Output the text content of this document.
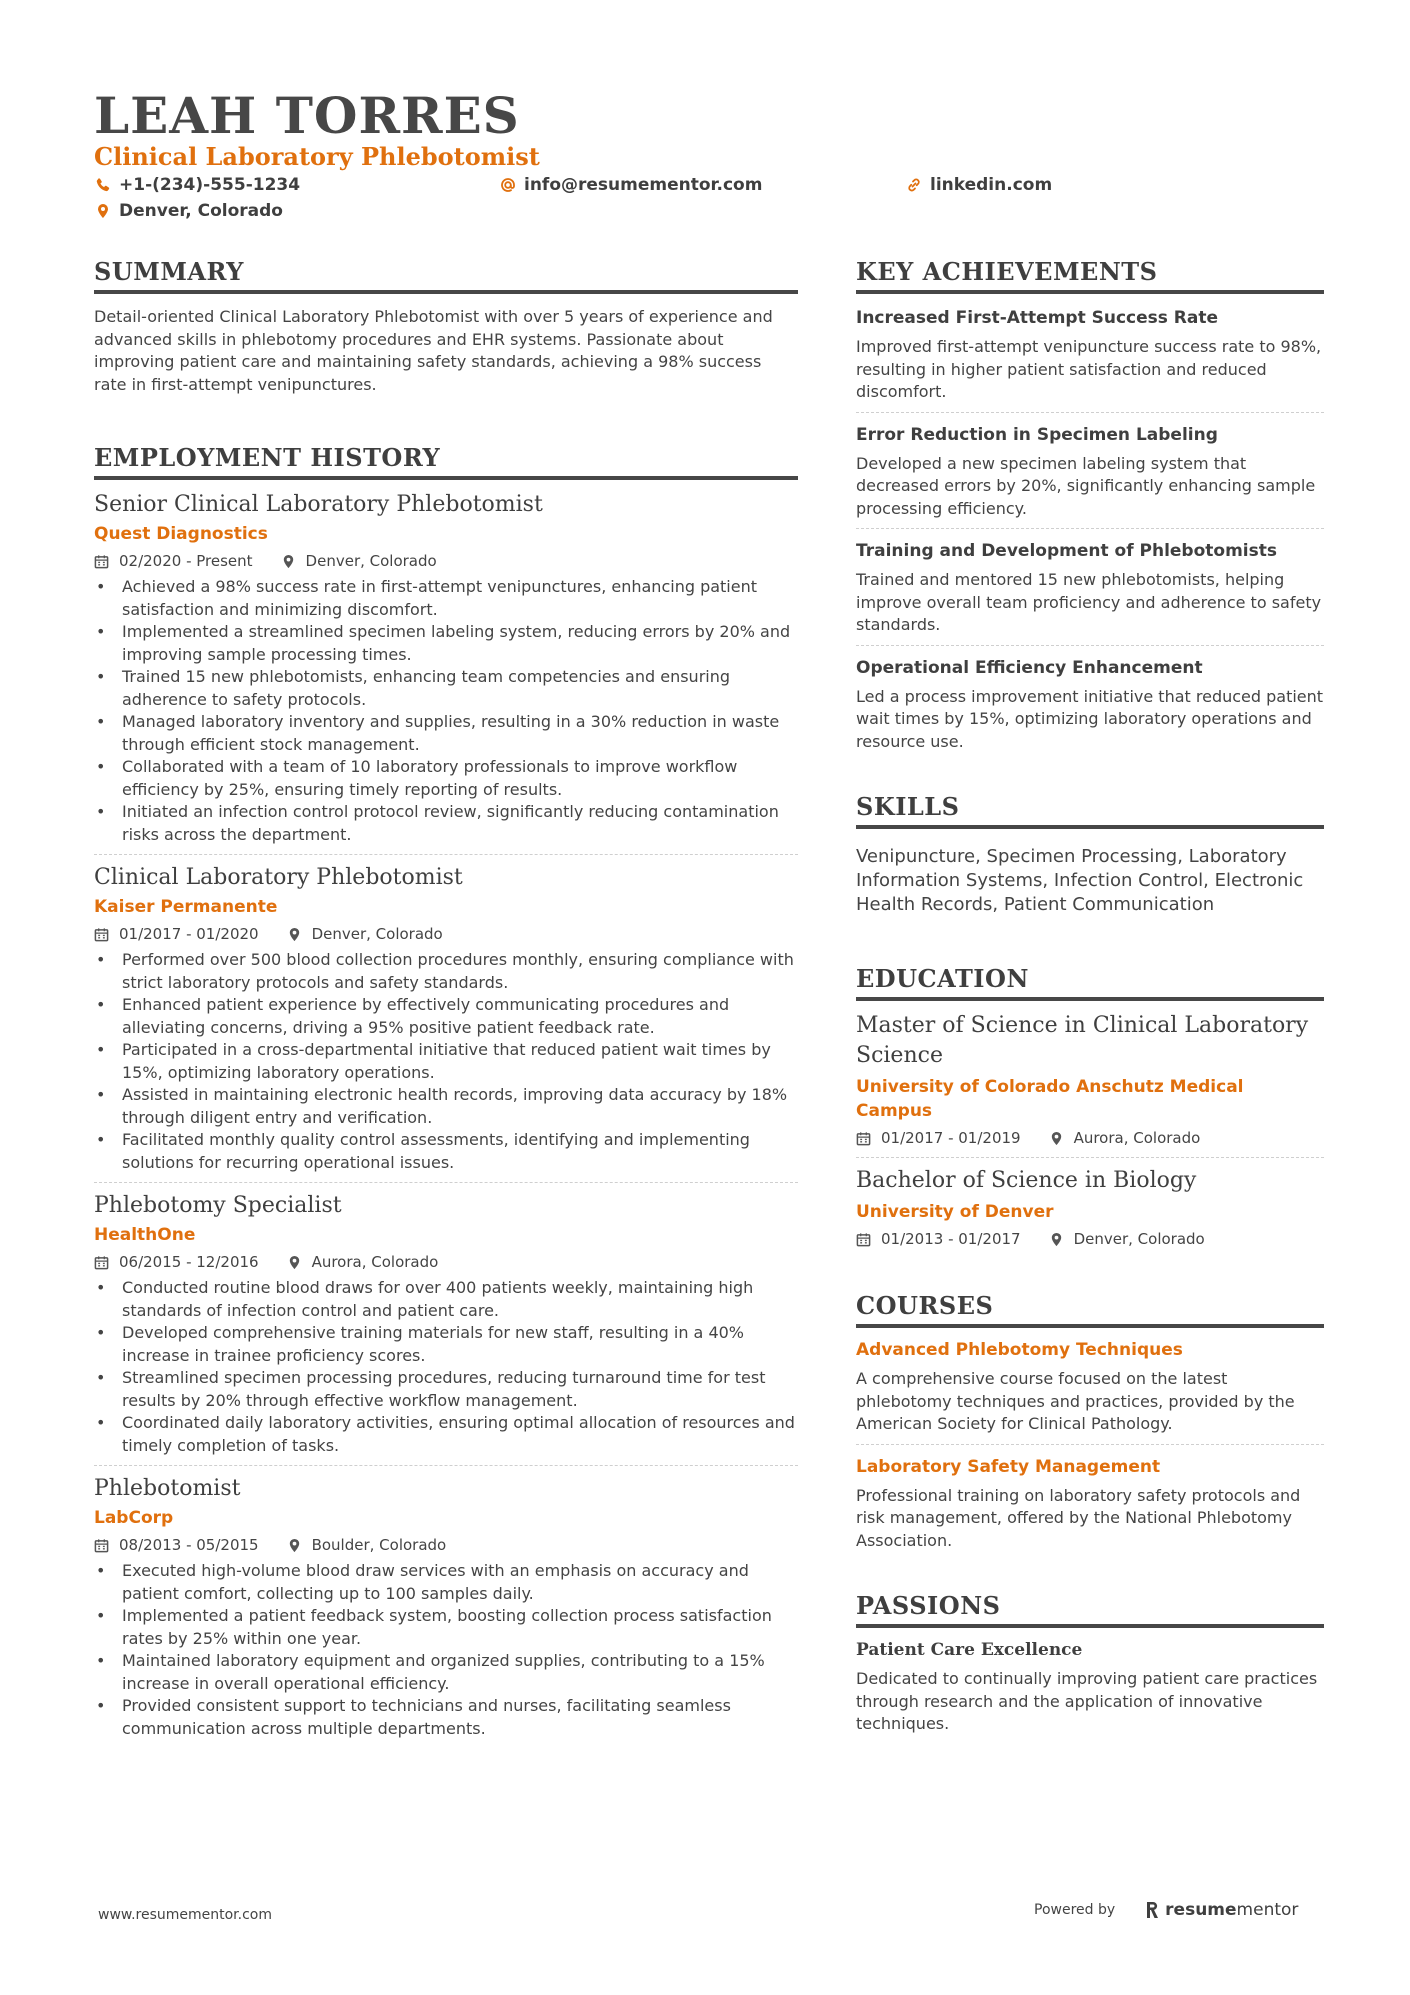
LEAH TORRES
Clinical Laboratory Phlebotomist
+1-(234)-555-1234	info@resumementor.com	linkedin.com
Denver, Colorado
SUMMARY
Detail-oriented Clinical Laboratory Phlebotomist with over 5 years of experience and advanced skills in phlebotomy procedures and EHR systems. Passionate about improving patient care and maintaining safety standards, achieving a 98% success rate in first-attempt venipunctures.
EMPLOYMENT HISTORY
Senior Clinical Laboratory Phlebotomist
Quest Diagnostics
02/2020 - Present	Denver, Colorado
• Achieved a 98% success rate in first-attempt venipunctures, enhancing patient satisfaction and minimizing discomfort.
• Implemented a streamlined specimen labeling system, reducing errors by 20% and improving sample processing times.
• Trained 15 new phlebotomists, enhancing team competencies and ensuring adherence to safety protocols.
• Managed laboratory inventory and supplies, resulting in a 30% reduction in waste through efficient stock management.
• Collaborated with a team of 10 laboratory professionals to improve workflow efficiency by 25%, ensuring timely reporting of results.
• Initiated an infection control protocol review, significantly reducing contamination risks across the department.
Clinical Laboratory Phlebotomist
Kaiser Permanente
01/2017 - 01/2020	Denver, Colorado
• Performed over 500 blood collection procedures monthly, ensuring compliance with strict laboratory protocols and safety standards.
• Enhanced patient experience by effectively communicating procedures and alleviating concerns, driving a 95% positive patient feedback rate.
• Participated in a cross-departmental initiative that reduced patient wait times by 15%, optimizing laboratory operations.
• Assisted in maintaining electronic health records, improving data accuracy by 18% through diligent entry and verification.
• Facilitated monthly quality control assessments, identifying and implementing solutions for recurring operational issues.
Phlebotomy Specialist
HealthOne
06/2015 - 12/2016	Aurora, Colorado
• Conducted routine blood draws for over 400 patients weekly, maintaining high standards of infection control and patient care.
• Developed comprehensive training materials for new staff, resulting in a 40% increase in trainee proficiency scores.
• Streamlined specimen processing procedures, reducing turnaround time for test results by 20% through effective workflow management.
• Coordinated daily laboratory activities, ensuring optimal allocation of resources and timely completion of tasks.
Phlebotomist
LabCorp
08/2013 - 05/2015	Boulder, Colorado
• Executed high-volume blood draw services with an emphasis on accuracy and patient comfort, collecting up to 100 samples daily.
• Implemented a patient feedback system, boosting collection process satisfaction rates by 25% within one year.
• Maintained laboratory equipment and organized supplies, contributing to a 15% increase in overall operational efficiency.
• Provided consistent support to technicians and nurses, facilitating seamless communication across multiple departments.
KEY ACHIEVEMENTS
Increased First-Attempt Success Rate
Improved first-attempt venipuncture success rate to 98%, resulting in higher patient satisfaction and reduced discomfort.
Error Reduction in Specimen Labeling
Developed a new specimen labeling system that decreased errors by 20%, significantly enhancing sample processing efficiency.
Training and Development of Phlebotomists
Trained and mentored 15 new phlebotomists, helping improve overall team proficiency and adherence to safety standards.
Operational Efficiency Enhancement
Led a process improvement initiative that reduced patient wait times by 15%, optimizing laboratory operations and resource use.
SKILLS
Venipuncture, Specimen Processing, Laboratory Information Systems, Infection Control, Electronic Health Records, Patient Communication
EDUCATION
Master of Science in Clinical Laboratory Science
University of Colorado Anschutz Medical Campus
01/2017 - 01/2019	Aurora, Colorado
Bachelor of Science in Biology
University of Denver
01/2013 - 01/2017	Denver, Colorado
COURSES
Advanced Phlebotomy Techniques
A comprehensive course focused on the latest phlebotomy techniques and practices, provided by the American Society for Clinical Pathology.
Laboratory Safety Management
Professional training on laboratory safety protocols and risk management, offered by the National Phlebotomy Association.
PASSIONS
Patient Care Excellence
Dedicated to continually improving patient care practices through research and the application of innovative techniques.
www.resumementor.com	Powered by	resume mentor
